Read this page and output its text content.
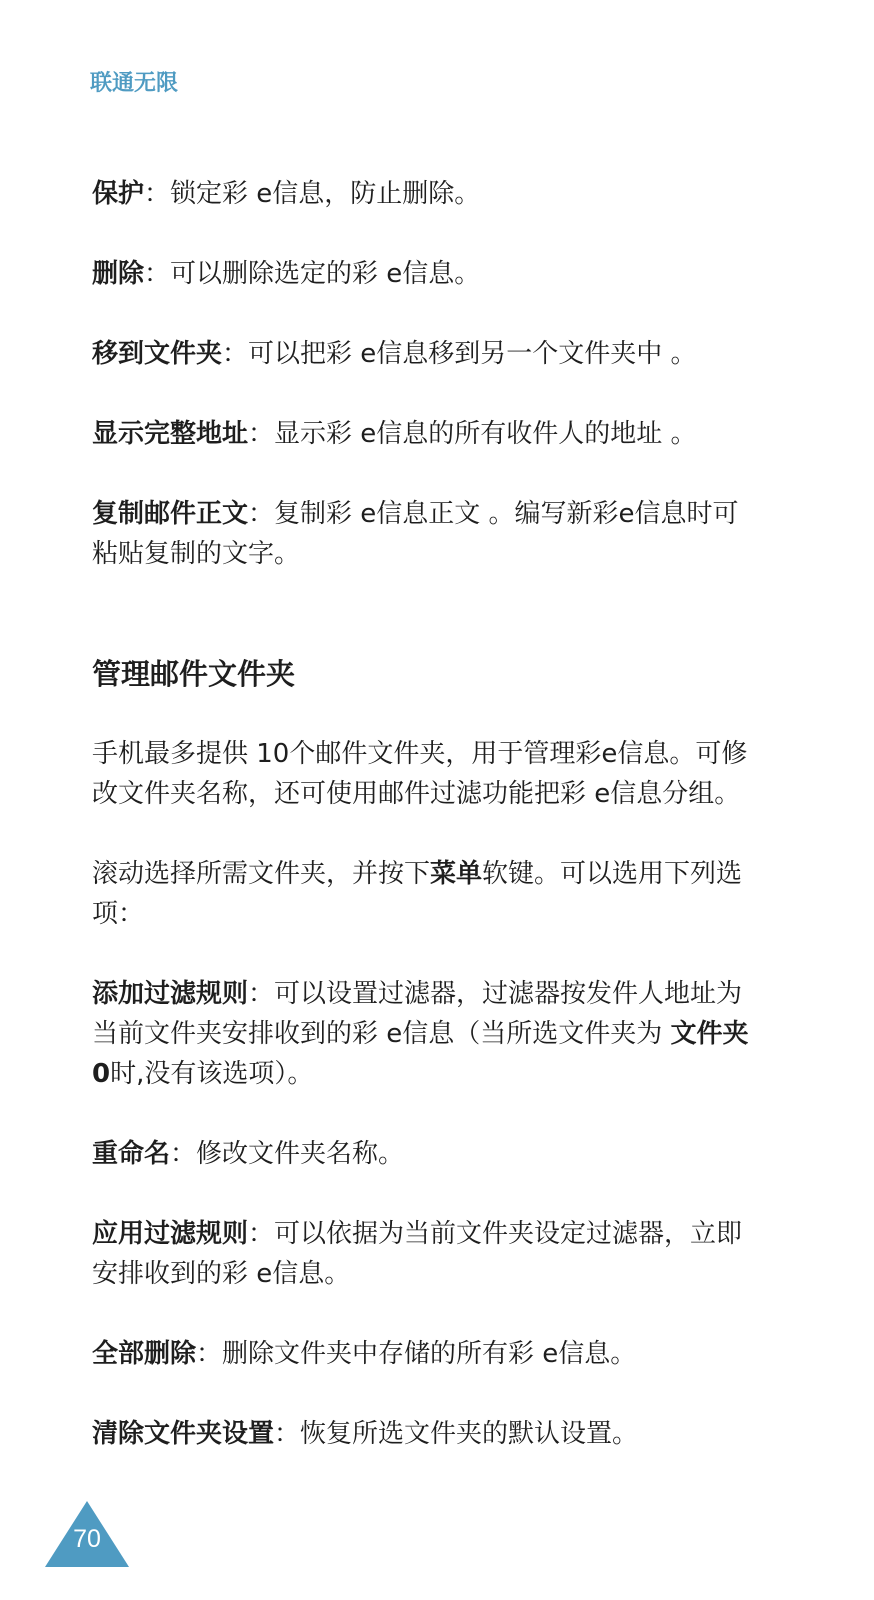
联通无限

保护：锁定彩 e信息，防止删除。

删除：可以删除选定的彩 e信息。

移到文件夹：可以把彩 e信息移到另一个文件夹中 。

显示完整地址：显示彩 e信息的所有收件人的地址 。

复制邮件正文：复制彩 e信息正文 。编写新彩e信息时可粘贴复制的文字。

管理邮件文件夹

手机最多提供 10个邮件文件夹，用于管理彩e信息。可修改文件夹名称，还可使用邮件过滤功能把彩 e信息分组。

滚动选择所需文件夹，并按下菜单软键。可以选用下列选项：

添加过滤规则：可以设置过滤器，过滤器按发件人地址为当前文件夹安排收到的彩 e信息（当所选文件夹为 文件夹 0时,没有该选项）。

重命名：修改文件夹名称。

应用过滤规则：可以依据为当前文件夹设定过滤器，立即安排收到的彩 e信息。

全部删除：删除文件夹中存储的所有彩 e信息。

清除文件夹设置：恢复所选文件夹的默认设置。

70
